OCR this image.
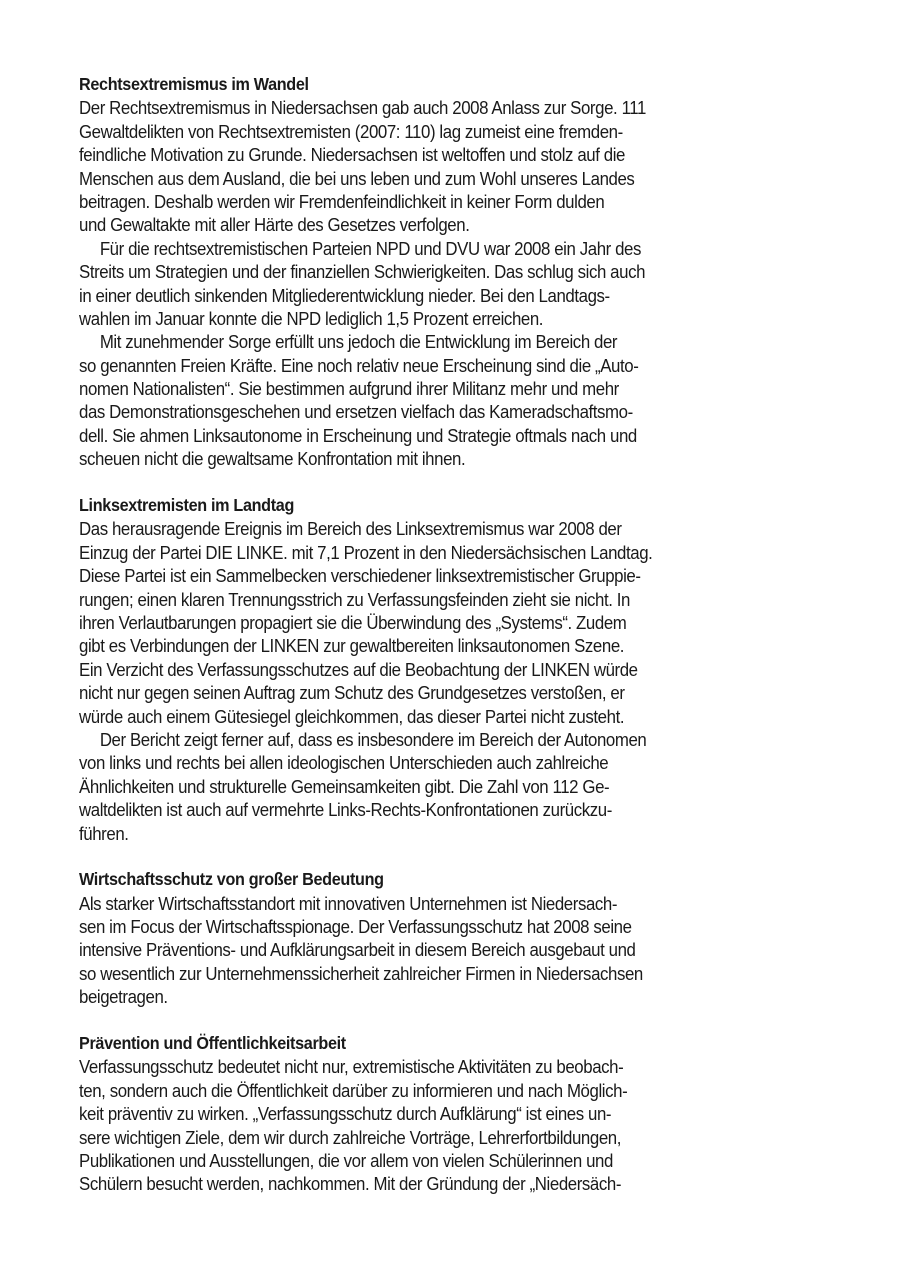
Rechtsextremismus im Wandel
Der Rechtsextremismus in Niedersachsen gab auch 2008 Anlass zur Sorge. 111
Gewaltdelikten von Rechtsextremisten (2007: 110) lag zumeist eine fremden-
feindliche Motivation zu Grunde. Niedersachsen ist weltoffen und stolz auf die
Menschen aus dem Ausland, die bei uns leben und zum Wohl unseres Landes
beitragen. Deshalb werden wir Fremdenfeindlichkeit in keiner Form dulden
und Gewaltakte mit aller Härte des Gesetzes verfolgen.
Für die rechtsextremistischen Parteien NPD und DVU war 2008 ein Jahr des
Streits um Strategien und der finanziellen Schwierigkeiten. Das schlug sich auch
in einer deutlich sinkenden Mitgliederentwicklung nieder. Bei den Landtags-
wahlen im Januar konnte die NPD lediglich 1,5 Prozent erreichen.
Mit zunehmender Sorge erfüllt uns jedoch die Entwicklung im Bereich der
so genannten Freien Kräfte. Eine noch relativ neue Erscheinung sind die „Auto-
nomen Nationalisten“. Sie bestimmen aufgrund ihrer Militanz mehr und mehr
das Demonstrationsgeschehen und ersetzen vielfach das Kameradschaftsmo-
dell. Sie ahmen Linksautonome in Erscheinung und Strategie oftmals nach und
scheuen nicht die gewaltsame Konfrontation mit ihnen.
Linksextremisten im Landtag
Das herausragende Ereignis im Bereich des Linksextremismus war 2008 der
Einzug der Partei DIE LINKE. mit 7,1 Prozent in den Niedersächsischen Landtag.
Diese Partei ist ein Sammelbecken verschiedener linksextremistischer Gruppie-
rungen; einen klaren Trennungsstrich zu Verfassungsfeinden zieht sie nicht. In
ihren Verlautbarungen propagiert sie die Überwindung des „Systems“. Zudem
gibt es Verbindungen der LINKEN zur gewaltbereiten linksautonomen Szene.
Ein Verzicht des Verfassungsschutzes auf die Beobachtung der LINKEN würde
nicht nur gegen seinen Auftrag zum Schutz des Grundgesetzes verstoßen, er
würde auch einem Gütesiegel gleichkommen, das dieser Partei nicht zusteht.
Der Bericht zeigt ferner auf, dass es insbesondere im Bereich der Autonomen
von links und rechts bei allen ideologischen Unterschieden auch zahlreiche
Ähnlichkeiten und strukturelle Gemeinsamkeiten gibt. Die Zahl von 112 Ge-
waltdelikten ist auch auf vermehrte Links-Rechts-Konfrontationen zurückzu-
führen.
Wirtschaftsschutz von großer Bedeutung
Als starker Wirtschaftsstandort mit innovativen Unternehmen ist Niedersach-
sen im Focus der Wirtschaftsspionage. Der Verfassungsschutz hat 2008 seine
intensive Präventions- und Aufklärungsarbeit in diesem Bereich ausgebaut und
so wesentlich zur Unternehmenssicherheit zahlreicher Firmen in Niedersachsen
beigetragen.
Prävention und Öffentlichkeitsarbeit
Verfassungsschutz bedeutet nicht nur, extremistische Aktivitäten zu beobach-
ten, sondern auch die Öffentlichkeit darüber zu informieren und nach Möglich-
keit präventiv zu wirken. „Verfassungsschutz durch Aufklärung“ ist eines un-
sere wichtigen Ziele, dem wir durch zahlreiche Vorträge, Lehrerfortbildungen,
Publikationen und Ausstellungen, die vor allem von vielen Schülerinnen und
Schülern besucht werden, nachkommen. Mit der Gründung der „Niedersäch-
